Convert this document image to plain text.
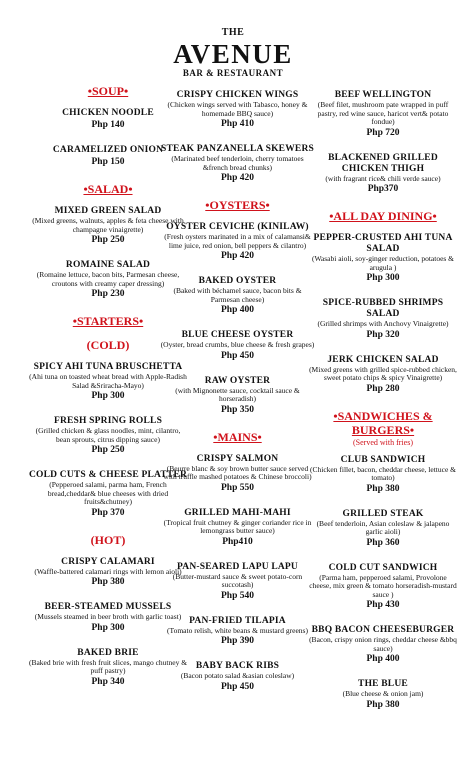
THE
AVENUE
BAR & RESTAURANT
•SOUP•
CHICKEN NOODLE
Php 140
CARAMELIZED ONION
Php 150
•SALAD•
MIXED GREEN SALAD
(Mixed greens, walnuts, apples & feta cheese with champagne vinaigrette)
Php 250
ROMAINE SALAD
(Romaine lettuce, bacon bits, Parmesan cheese, croutons with creamy caper dressing)
Php 230
•STARTERS•
(COLD)
SPICY AHI TUNA BRUSCHETTA
(Ahi tuna on toasted wheat bread with Apple-Radish Salad &Sriracha-Mayo)
Php 300
FRESH SPRING ROLLS
(Grilled chicken & glass noodles, mint, cilantro, bean sprouts, citrus dipping sauce)
Php 250
COLD CUTS & CHEESE PLATTER
(Pepperoed salami, parma ham, French bread,cheddar& blue cheeses with dried fruits&chutney)
Php 370
(HOT)
CRISPY CALAMARI
(Waffle-battered calamari rings with lemon aioli)
Php 380
BEER-STEAMED MUSSELS
(Mussels steamed in beer broth with garlic toast)
Php 300
BAKED BRIE
(Baked brie with fresh fruit slices, mango chutney & puff pastry)
Php 340
CRISPY CHICKEN WINGS
(Chicken wings served with Tabasco, honey & homemade BBQ sauce)
Php 410
STEAK PANZANELLA SKEWERS
(Marinated beef tenderloin, cherry tomatoes &french bread chunks)
Php 420
•OYSTERS•
OYSTER CEVICHE (KINILAW)
(Fresh oysters marinated in a mix of calamansi& lime juice, red onion, bell peppers & cilantro)
Php 420
BAKED OYSTER
(Baked with béchamel sauce, bacon bits & Parmesan cheese)
Php 400
BLUE CHEESE OYSTER
(Oyster, bread crumbs, blue cheese & fresh grapes)
Php 450
RAW OYSTER
(with Mignonette sauce, cocktail sauce & horseradish)
Php 350
•MAINS•
CRISPY SALMON
(Beurre blanc & soy brown butter sauce served with truffle mashed potatoes & Chinese broccoli)
Php 550
GRILLED MAHI-MAHI
(Tropical fruit chutney & ginger coriander rice in lemongrass butter sauce)
Php410
PAN-SEARED LAPU LAPU
(Butter-mustard sauce & sweet potato-corn succotash)
Php 540
PAN-FRIED TILAPIA
(Tomato relish, white beans & mustard greens)
Php 390
BABY BACK RIBS
(Bacon potato salad &asian coleslaw)
Php 450
BEEF WELLINGTON
(Beef filet, mushroom pate wrapped in puff pastry, red wine sauce, haricot vert& potato fondue)
Php 720
BLACKENED GRILLED CHICKEN THIGH
(with fragrant rice& chili verde sauce)
Php370
•ALL DAY DINING•
PEPPER-CRUSTED AHI TUNA SALAD
(Wasabi aioli, soy-ginger reduction, potatoes & arugula )
Php 300
SPICE-RUBBED SHRIMPS SALAD
(Grilled shrimps with Anchovy Vinaigrette)
Php 320
JERK CHICKEN SALAD
(Mixed greens with grilled spice-rubbed chicken, sweet potato chips & spicy Vinaigrette)
Php 280
•SANDWICHES & BURGERS•
(Served with fries)
CLUB SANDWICH
(Chicken fillet, bacon, cheddar cheese, lettuce & tomato)
Php 380
GRILLED STEAK
(Beef tenderloin, Asian coleslaw & jalapeno garlic aioli)
Php 360
COLD CUT SANDWICH
(Parma ham, pepperoed salami, Provolone cheese, mix green & tomato horseradish-mustard sauce )
Php 430
BBQ BACON CHEESEBURGER
(Bacon, crispy onion rings, cheddar cheese &bbq sauce)
Php 400
THE BLUE
(Blue cheese & onion jam)
Php 380
